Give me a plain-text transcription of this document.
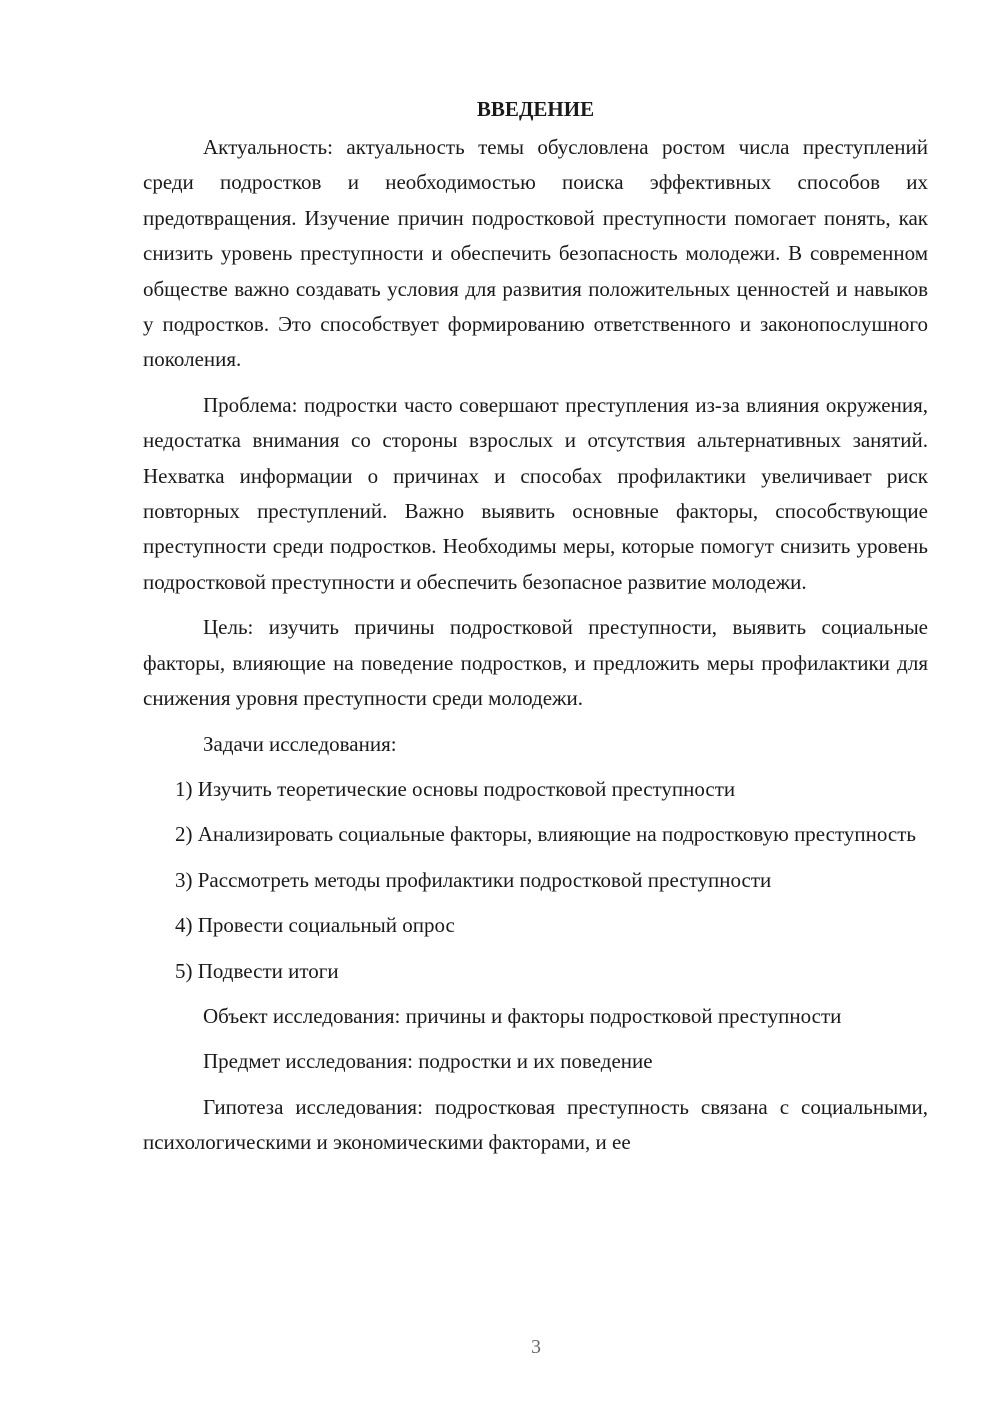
ВВЕДЕНИЕ

Актуальность: актуальность темы обусловлена ростом числа преступлений среди подростков и необходимостью поиска эффективных способов их предотвращения. Изучение причин подростковой преступности помогает понять, как снизить уровень преступности и обеспечить безопасность молодежи. В современном обществе важно создавать условия для развития положительных ценностей и навыков у подростков. Это способствует формированию ответственного и законопослушного поколения.

Проблема: подростки часто совершают преступления из-за влияния окружения, недостатка внимания со стороны взрослых и отсутствия альтернативных занятий. Нехватка информации о причинах и способах профилактики увеличивает риск повторных преступлений. Важно выявить основные факторы, способствующие преступности среди подростков. Необходимы меры, которые помогут снизить уровень подростковой преступности и обеспечить безопасное развитие молодежи.

Цель: изучить причины подростковой преступности, выявить социальные факторы, влияющие на поведение подростков, и предложить меры профилактики для снижения уровня преступности среди молодежи.

Задачи исследования:

1) Изучить теоретические основы подростковой преступности

2) Анализировать социальные факторы, влияющие на подростковую преступность

3) Рассмотреть методы профилактики подростковой преступности

4) Провести социальный опрос

5) Подвести итоги

Объект исследования: причины и факторы подростковой преступности

Предмет исследования: подростки и их поведение

Гипотеза исследования: подростковая преступность связана с социальными, психологическими и экономическими факторами, и ее

3
